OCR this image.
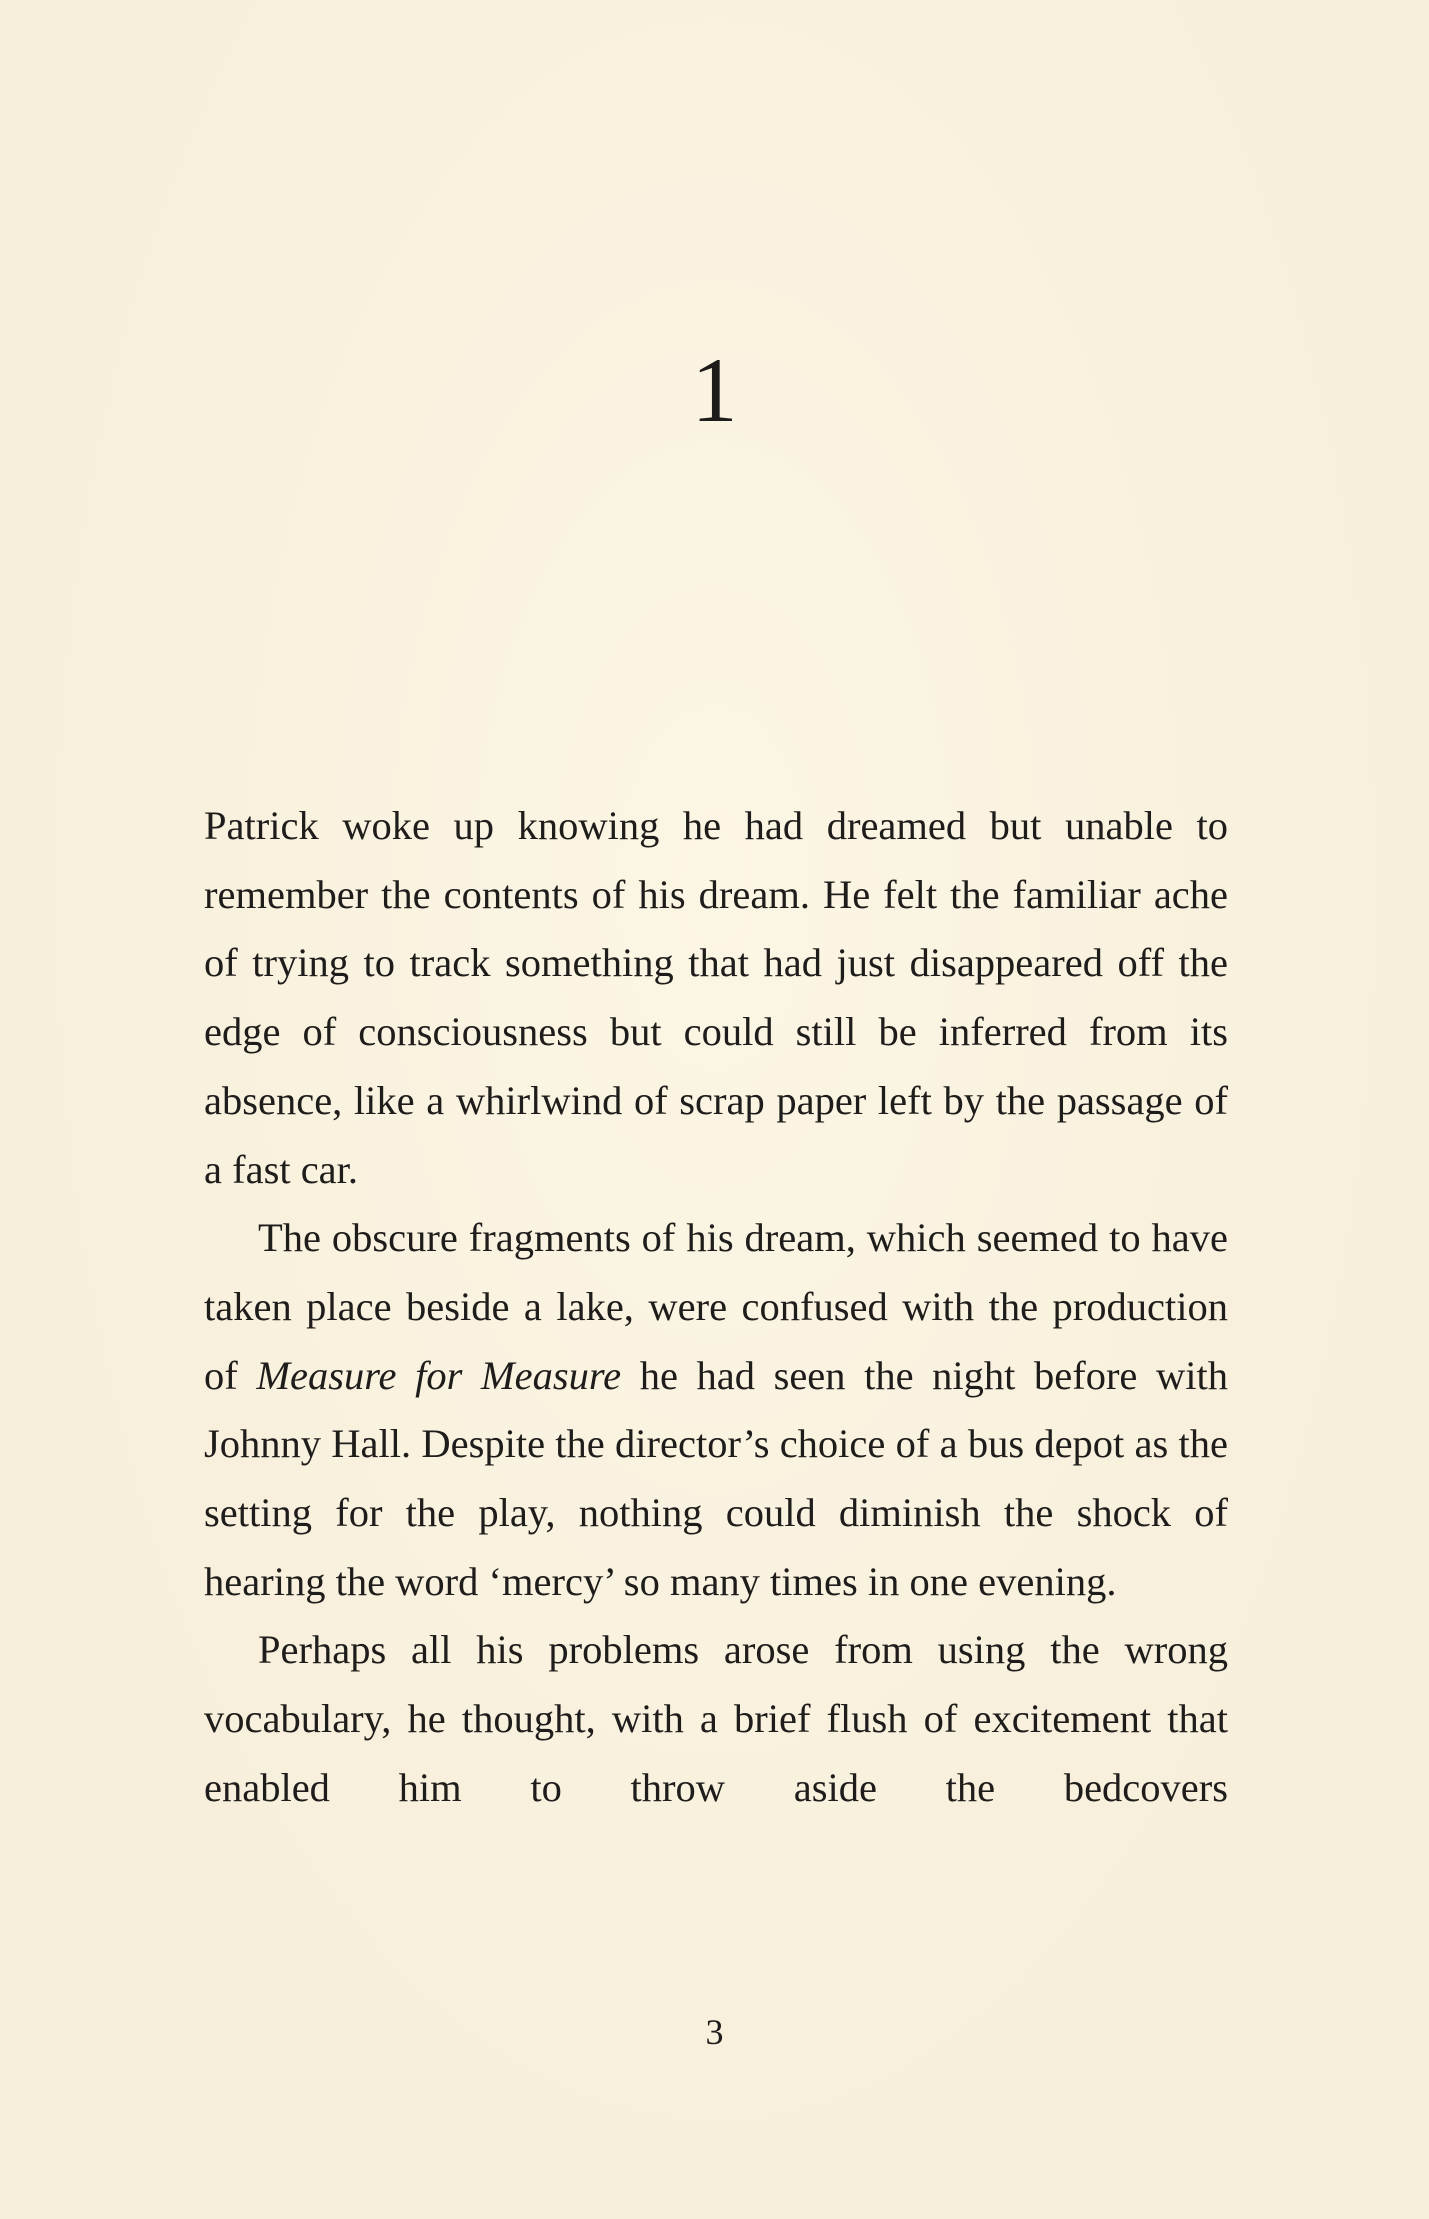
1

Patrick woke up knowing he had dreamed but unable to remember the contents of his dream. He felt the familiar ache of trying to track something that had just disappeared off the edge of consciousness but could still be inferred from its absence, like a whirlwind of scrap paper left by the passage of a fast car.

The obscure fragments of his dream, which seemed to have taken place beside a lake, were confused with the production of Measure for Measure he had seen the night before with Johnny Hall. Despite the director’s choice of a bus depot as the setting for the play, nothing could diminish the shock of hearing the word ‘mercy’ so many times in one evening.

Perhaps all his problems arose from using the wrong vocabulary, he thought, with a brief flush of excitement that enabled him to throw aside the bedcovers

3
